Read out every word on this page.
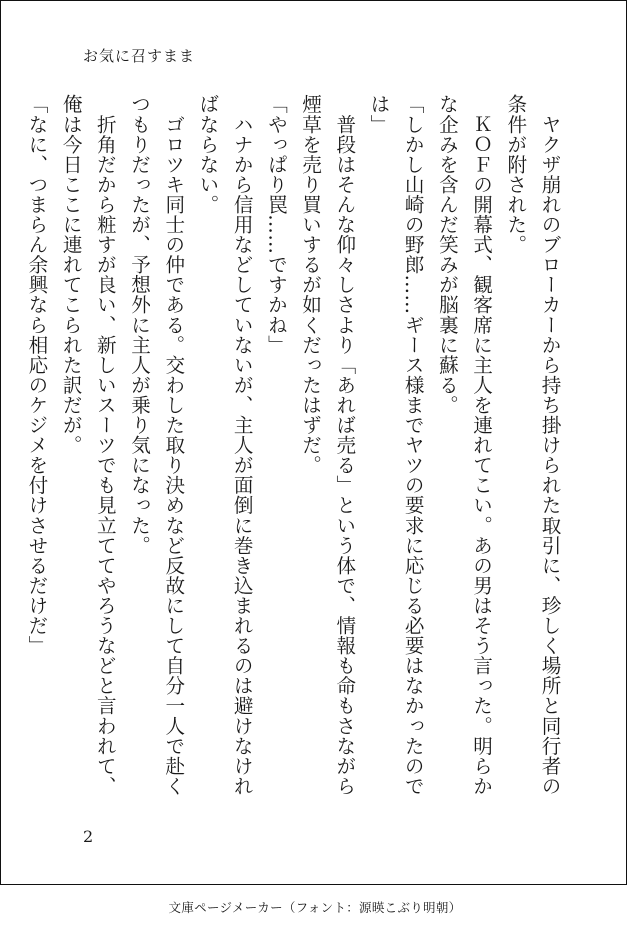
お気に召すまま

　ヤクザ崩れのブローカーから持ち掛けられた取引に、珍しく場所と同行者の条件が附された。

　ＫＯＦの開幕式、観客席に主人を連れてこい。あの男はそう言った。明らかな企みを含んだ笑みが脳裏に蘇る。

「しかし山崎の野郎……ギース様までヤツの要求に応じる必要はなかったのでは」

　普段はそんな仰々しさより「あれば売る」という体で、情報も命もさながら煙草を売り買いするが如くだったはずだ。

「やっぱり罠……ですかね」

　ハナから信用などしていないが、主人が面倒に巻き込まれるのは避けなければならない。

　ゴロツキ同士の仲である。交わした取り決めなど反故にして自分一人で赴くつもりだったが、予想外に主人が乗り気になった。

　折角だから粧すが良い、新しいスーツでも見立ててやろうなどと言われて、俺は今日ここに連れてこられた訳だが。

「なに、つまらん余興なら相応のケジメを付けさせるだけだ」

2
文庫ページメーカー（フォント：源暎こぶり明朝）
